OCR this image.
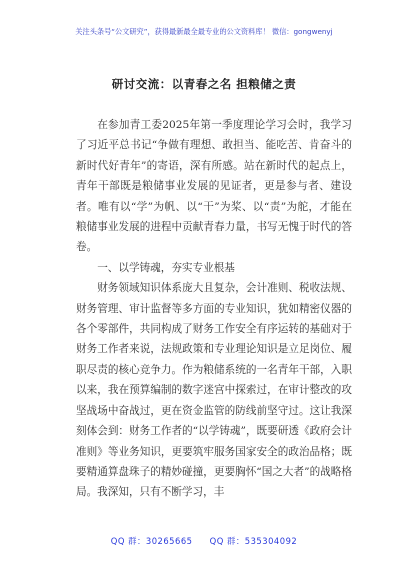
关注头条号“公文研究”，获得最新最全最专业的公文资料库！ 微信：gongwenyj
研讨交流：以青春之名 担粮储之责

在参加青工委2025年第一季度理论学习会时，我学习了习近平总书记“争做有理想、敢担当、能吃苦、肯奋斗的新时代好青年”的寄语，深有所感。站在新时代的起点上，青年干部既是粮储事业发展的见证者，更是参与者、建设者。唯有以“学”为帆、以“干”为桨、以“责”为舵，才能在粮储事业发展的进程中贡献青春力量，书写无愧于时代的答卷。

一、以学铸魂，夯实专业根基

财务领域知识体系庞大且复杂，会计准则、税收法规、财务管理、审计监督等多方面的专业知识，犹如精密仪器的各个零部件，共同构成了财务工作安全有序运转的基础对于财务工作者来说，法规政策和专业理论知识是立足岗位、履职尽责的核心竞争力。作为粮储系统的一名青年干部，入职以来，我在预算编制的数字迷宫中探索过，在审计整改的攻坚战场中奋战过，更在资金监管的防线前坚守过。这让我深刻体会到：财务工作者的“以学铸魂”，既要研透《政府会计准则》等业务知识，更要筑牢服务国家安全的政治品格；既要精通算盘珠子的精妙碰撞，更要胸怀“国之大者”的战略格局。我深知，只有不断学习，丰

QQ 群：30265665 QQ 群：535304092
